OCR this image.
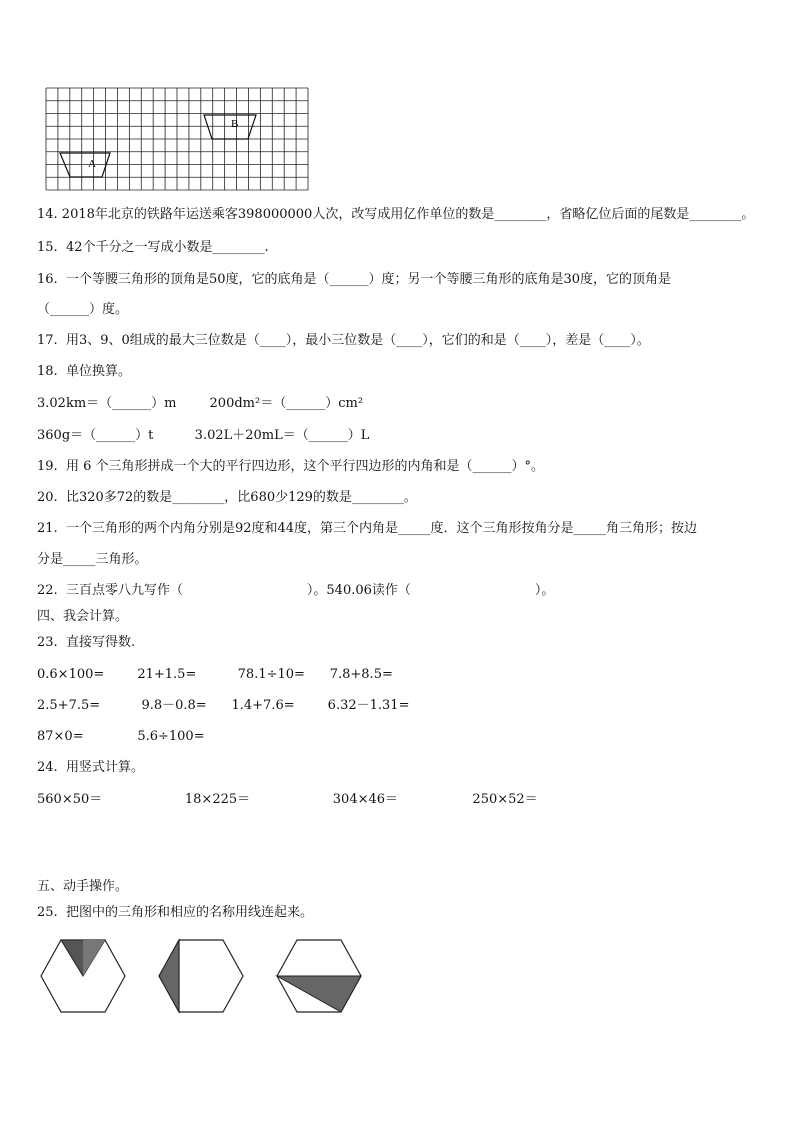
A
B
14. 2018年北京的铁路年运送乘客398000000人次，改写成用亿作单位的数是________，省略亿位后面的尾数是________。
15.  42个千分之一写成小数是________.
16.  一个等腰三角形的顶角是50度，它的底角是（______）度；另一个等腰三角形的底角是30度，它的顶角是
（______）度。
17.  用3、9、0组成的最大三位数是（____），最小三位数是（____），它们的和是（____），差是（____）。
18.  单位换算。
3.02km＝（______）m        200dm²＝（______）cm²
360g＝（______）t          3.02L＋20mL＝（______）L
19.  用 6 个三角形拼成一个大的平行四边形，这个平行四边形的内角和是（______）°。
20.  比320多72的数是________，比680少129的数是________。
21.  一个三角形的两个内角分别是92度和44度，第三个内角是_____度．这个三角形按角分是_____角三角形；按边
分是_____三角形。
22.  三百点零八九写作（                              ）。540.06读作（                              ）。
四、我会计算。
23.  直接写得数.
0.6×100=        21+1.5=          78.1÷10=      7.8+8.5=
2.5+7.5=          9.8－0.8=      1.4+7.6=        6.32－1.31=
87×0=             5.6÷100=
24.  用竖式计算。
560×50＝                    18×225＝                    304×46＝                  250×52＝
五、动手操作。
25.  把图中的三角形和相应的名称用线连起来。
